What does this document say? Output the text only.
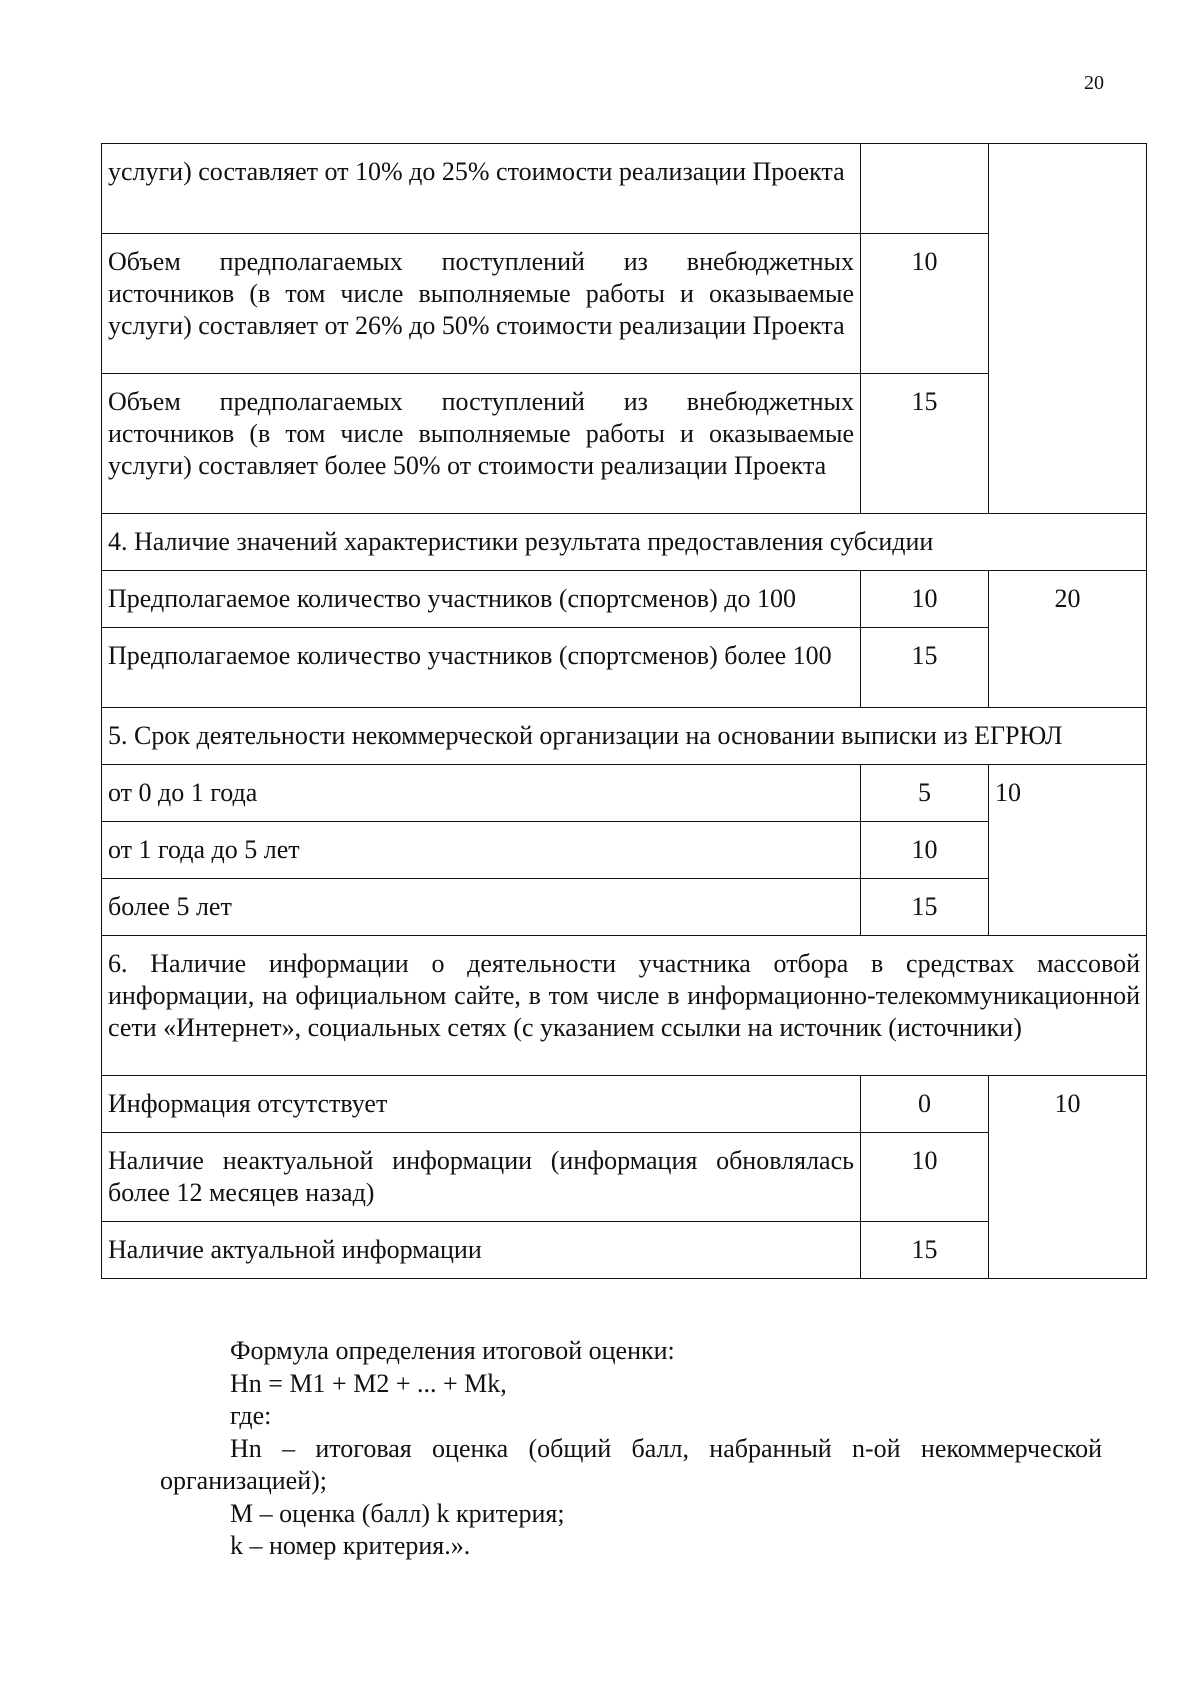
20
услуги) составляет от 10% до 25% стоимости реализации Проекта		
Объем предполагаемых поступлений из внебюджетных источников (в том числе выполняемые работы и оказываемые услуги) составляет от 26% до 50% стоимости реализации Проекта	10	
Объем предполагаемых поступлений из внебюджетных источников (в том числе выполняемые работы и оказываемые услуги) составляет более 50% от стоимости реализации Проекта	15	
4. Наличие значений характеристики результата предоставления субсидии		
Предполагаемое количество участников (спортсменов) до 100	10	20
Предполагаемое количество участников (спортсменов) более 100	15	
5. Срок деятельности некоммерческой организации на основании выписки из ЕГРЮЛ		
от 0 до 1 года	5	10
от 1 года до 5 лет	10	
более 5 лет	15	
6. Наличие информации о деятельности участника отбора в средствах массовой информации, на официальном сайте, в том числе в информационно-телекоммуникационной сети «Интернет», социальных сетях (с указанием ссылки на источник (источники)		
Информация отсутствует	0	10
Наличие неактуальной информации (информация обновлялась более 12 месяцев назад)	10	
Наличие актуальной информации	15	
Формула определения итоговой оценки:
Hn = M1 + M2 + ... + Mk,
где:
Hn – итоговая оценка (общий балл, набранный n-ой некоммерческой организацией);
M – оценка (балл) k критерия;
k – номер критерия.».
